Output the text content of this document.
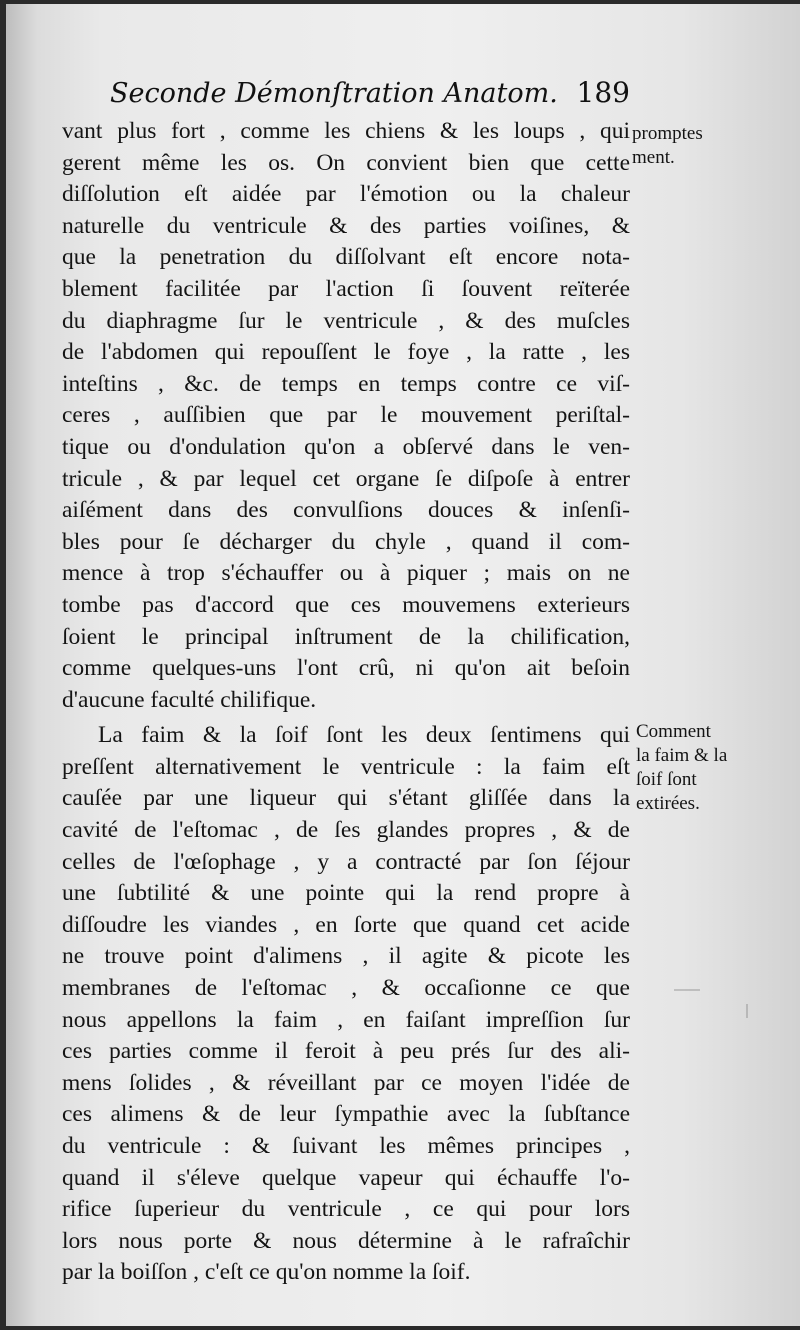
Seconde Démonſtration Anatom. 189
vant plus fort , comme les chiens & les loups , qui
gerent même les os. On convient bien que cette
diſſolution eſt aidée par l'émotion ou la chaleur
naturelle du ventricule & des parties voiſines, &
que la penetration du diſſolvant eſt encore nota-
blement facilitée par l'action ſi ſouvent reïterée
du diaphragme ſur le ventricule , & des muſcles
de l'abdomen qui repouſſent le foye , la ratte , les
inteſtins , &c. de temps en temps contre ce viſ-
ceres , auſſibien que par le mouvement periſtal-
tique ou d'ondulation qu'on a obſervé dans le ven-
tricule , & par lequel cet organe ſe diſpoſe à entrer
aiſément dans des convulſions douces & inſenſi-
bles pour ſe décharger du chyle , quand il com-
mence à trop s'échauffer ou à piquer ; mais on ne
tombe pas d'accord que ces mouvemens exterieurs
ſoient le principal inſtrument de la chilification,
comme quelques-uns l'ont crû, ni qu'on ait beſoin
d'aucune faculté chilifique.
La faim & la ſoif ſont les deux ſentimens qui
preſſent alternativement le ventricule : la faim eſt
cauſée par une liqueur qui s'étant gliſſée dans la
cavité de l'eſtomac , de ſes glandes propres , & de
celles de l'œſophage , y a contracté par ſon ſéjour
une ſubtilité & une pointe qui la rend propre à
diſſoudre les viandes , en ſorte que quand cet acide
ne trouve point d'alimens , il agite & picote les
membranes de l'eſtomac , & occaſionne ce que
nous appellons la faim , en faiſant impreſſion ſur
ces parties comme il feroit à peu prés ſur des ali-
mens ſolides , & réveillant par ce moyen l'idée de
ces alimens & de leur ſympathie avec la ſubſtance
du ventricule : & ſuivant les mêmes principes ,
quand il s'éleve quelque vapeur qui échauffe l'o-
rifice ſuperieur du ventricule , ce qui pour lors
lors nous porte & nous détermine à le rafraîchir
par la boiſſon , c'eſt ce qu'on nomme la ſoif.
promptes
ment.
Comment
la faim & la
ſoif ſont
extirées.
